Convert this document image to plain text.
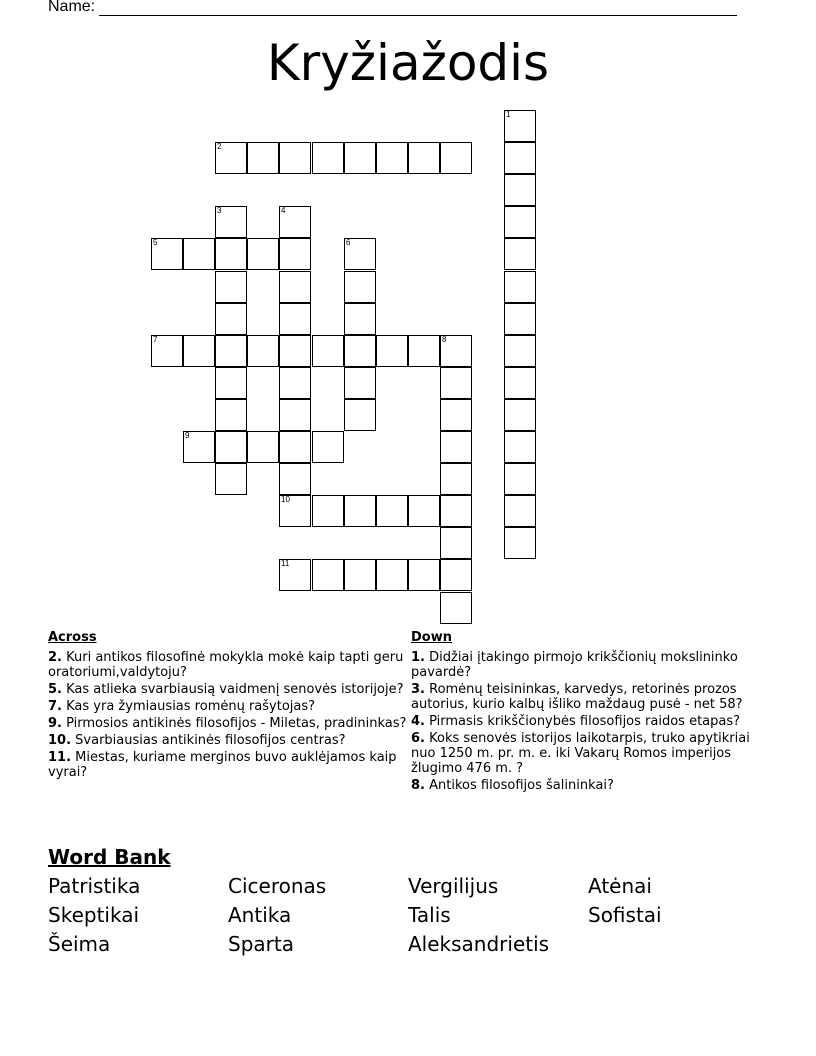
Name:
Kryžiažodis
1
2
3	4
5	6
7	8
9
10
11
Across
2. Kuri antikos filosofinė mokykla mokė kaip tapti geru oratoriumi,valdytoju?
5. Kas atlieka svarbiausią vaidmenį senovės istorijoje?
7. Kas yra žymiausias romėnų rašytojas?
9. Pirmosios antikinės filosofijos - Miletas, pradininkas?
10. Svarbiausias antikinės filosofijos centras?
11. Miestas, kuriame merginos buvo auklėjamos kaip vyrai?
Down
1. Didžiai įtakingo pirmojo krikščionių mokslininko pavardė?
3. Romėnų teisininkas, karvedys, retorinės prozos autorius, kurio kalbų išliko maždaug pusė - net 58?
4. Pirmasis krikščionybės filosofijos raidos etapas?
6. Koks senovės istorijos laikotarpis, truko apytikriai nuo 1250 m. pr. m. e. iki Vakarų Romos imperijos žlugimo 476 m. ?
8. Antikos filosofijos šalininkai?
Word Bank
Patristika	Ciceronas	Vergilijus	Atėnai
Skeptikai	Antika	Talis	Sofistai
Šeima	Sparta	Aleksandrietis
